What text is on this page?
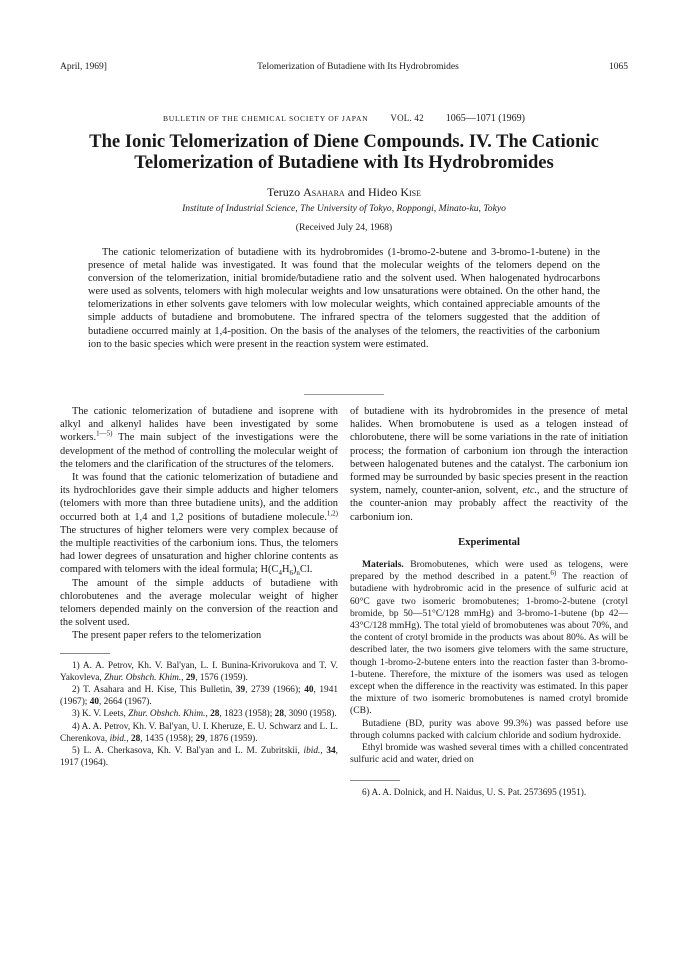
April, 1969]	Telomerization of Butadiene with Its Hydrobromides	1065
BULLETIN OF THE CHEMICAL SOCIETY OF JAPAN VOL. 42 1065—1071 (1969)
The Ionic Telomerization of Diene Compounds. IV. The Cationic
Telomerization of Butadiene with Its Hydrobromides
Teruzo Asahara and Hideo Kise
Institute of Industrial Science, The University of Tokyo, Roppongi, Minato-ku, Tokyo
(Received July 24, 1968)

The cationic telomerization of butadiene with its hydrobromides (1-bromo-2-butene and 3-bromo-1-butene) in the presence of metal halide was investigated. It was found that the molecular weights of the telomers depend on the conversion of the telomerization, initial bromide/butadiene ratio and the solvent used. When halogenated hydrocarbons were used as solvents, telomers with high molecular weights and low unsaturations were obtained. On the other hand, the telomerizations in ether solvents gave telomers with low molecular weights, which contained appreciable amounts of the simple adducts of butadiene and bromobutene. The infrared spectra of the telomers suggested that the addition of butadiene occurred mainly at 1,4-position. On the basis of the analyses of the telomers, the reactivities of the carbonium ion to the basic species which were present in the reaction system were estimated.

The cationic telomerization of butadiene and isoprene with alkyl and alkenyl halides have been investigated by some workers.$^{1—5)}$ The main subject of the investigations were the development of the method of controlling the molecular weight of the telomers and the clarification of the structures of the telomers.

It was found that the cationic telomerization of butadiene and its hydrochlorides gave their simple adducts and higher telomers (telomers with more than three butadiene units), and the addition occurred both at 1,4 and 1,2 positions of butadiene molecule.$^{1,2)}$ The structures of higher telomers were very complex because of the multiple reactivities of the carbonium ions. Thus, the telomers had lower degrees of unsaturation and higher chlorine contents as compared with telomers with the ideal formula; $H(C_4H_6)_nCl$.

The amount of the simple adducts of butadiene with chlorobutenes and the average molecular weight of higher telomers depended mainly on the conversion of the reaction and the solvent used.

The present paper refers to the telomerization

1) A. A. Petrov, Kh. V. Bal'yan, L. I. Bunina-Krivorukova and T. V. Yakovleva, Zhur. Obshch. Khim., 29, 1576 (1959).

2) T. Asahara and H. Kise, This Bulletin, 39, 2739 (1966); 40, 1941 (1967); 40, 2664 (1967).

3) K. V. Leets, Zhur. Obshch. Khim., 28, 1823 (1958); 28, 3090 (1958).

4) A. A. Petrov, Kh. V. Bal'yan, U. I. Kheruze, E. U. Schwarz and L. L. Cherenkova, ibid., 28, 1435 (1958); 29, 1876 (1959).

5) L. A. Cherkasova, Kh. V. Bal'yan and L. M. Zubritskii, ibid., 34, 1917 (1964).

of butadiene with its hydrobromides in the presence of metal halides. When bromobutene is used as a telogen instead of chlorobutene, there will be some variations in the rate of initiation process; the formation of carbonium ion through the interaction between halogenated butenes and the catalyst. The carbonium ion formed may be surrounded by basic species present in the reaction system, namely, counter-anion, solvent, etc., and the structure of the counter-anion may probably affect the reactivity of the carbonium ion.

Experimental

Materials. Bromobutenes, which were used as telogens, were prepared by the method described in a patent.$^{6)}$ The reaction of butadiene with hydrobromic acid in the presence of sulfuric acid at 60°C gave two isomeric bromobutenes; 1-bromo-2-butene (crotyl bromide, bp 50—51°C/128 mmHg) and 3-bromo-1-butene (bp 42—43°C/128 mmHg). The total yield of bromobutenes was about 70%, and the content of crotyl bromide in the products was about 80%. As will be described later, the two isomers give telomers with the same structure, though 1-bromo-2-butene enters into the reaction faster than 3-bromo-1-butene. Therefore, the mixture of the isomers was used as telogen except when the difference in the reactivity was estimated. In this paper the mixture of two isomeric bromobutenes is named crotyl bromide (CB).

Butadiene (BD, purity was above 99.3%) was passed before use through columns packed with calcium chloride and sodium hydroxide.

Ethyl bromide was washed several times with a chilled concentrated sulfuric acid and water, dried on

6) A. A. Dolnick, and H. Naidus, U. S. Pat. 2573695 (1951).
